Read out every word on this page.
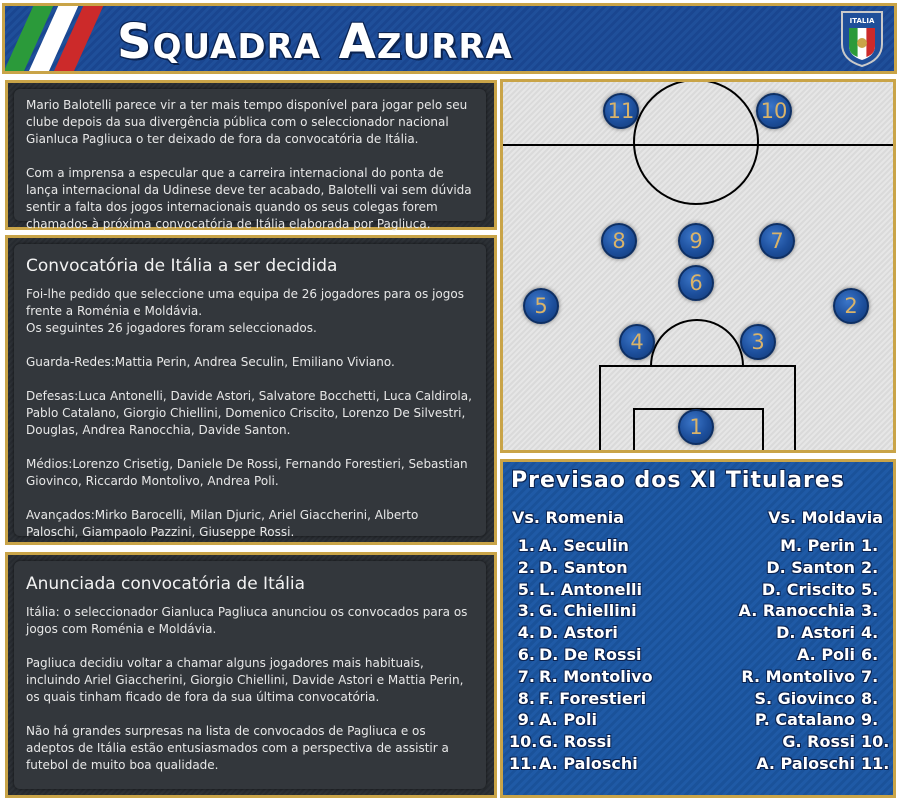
Squadra Azurra	ITALIA

Mario Balotelli parece vir a ter mais tempo disponível para jogar pelo seu clube depois da sua divergência pública com o seleccionador nacional Gianluca Pagliuca o ter deixado de fora da convocatória de Itália.

Com a imprensa a especular que a carreira internacional do ponta de lança internacional da Udinese deve ter acabado, Balotelli vai sem dúvida sentir a falta dos jogos internacionais quando os seus colegas forem chamados à próxima convocatória de Itália elaborada por Pagliuca.

Convocatória de Itália a ser decidida

Foi-lhe pedido que seleccione uma equipa de 26 jogadores para os jogos frente a Roménia e Moldávia.
Os seguintes 26 jogadores foram seleccionados.

Guarda-Redes:Mattia Perin, Andrea Seculin, Emiliano Viviano.

Defesas:Luca Antonelli, Davide Astori, Salvatore Bocchetti, Luca Caldirola, Pablo Catalano, Giorgio Chiellini, Domenico Criscito, Lorenzo De Silvestri, Douglas, Andrea Ranocchia, Davide Santon.

Médios:Lorenzo Crisetig, Daniele De Rossi, Fernando Forestieri, Sebastian Giovinco, Riccardo Montolivo, Andrea Poli.

Avançados:Mirko Barocelli, Milan Djuric, Ariel Giaccherini, Alberto Paloschi, Giampaolo Pazzini, Giuseppe Rossi.

Anunciada convocatória de Itália

Itália: o seleccionador Gianluca Pagliuca anunciou os convocados para os jogos com Roménia e Moldávia.

Pagliuca decidiu voltar a chamar alguns jogadores mais habituais, incluindo Ariel Giaccherini, Giorgio Chiellini, Davide Astori e Mattia Perin, os quais tinham ficado de fora da sua última convocatória.

Não há grandes surpresas na lista de convocados de Pagliuca e os adeptos de Itália estão entusiasmados com a perspectiva de assistir a futebol de muito boa qualidade.

11	10
8	9	7
6
5	2
4	3
1
Previsao dos XI Titulares
Vs. Romenia	Vs. Moldavia
1. A. Seculin	M. Perin 1.
2. D. Santon	D. Santon 2.
5. L. Antonelli	D. Criscito 5.
3. G. Chiellini	A. Ranocchia 3.
4. D. Astori	D. Astori 4.
6. D. De Rossi	A. Poli 6.
7. R. Montolivo	R. Montolivo 7.
8. F. Forestieri	S. Giovinco 8.
9. A. Poli	P. Catalano 9.
10. G. Rossi	G. Rossi 10.
11. A. Paloschi	A. Paloschi 11.
